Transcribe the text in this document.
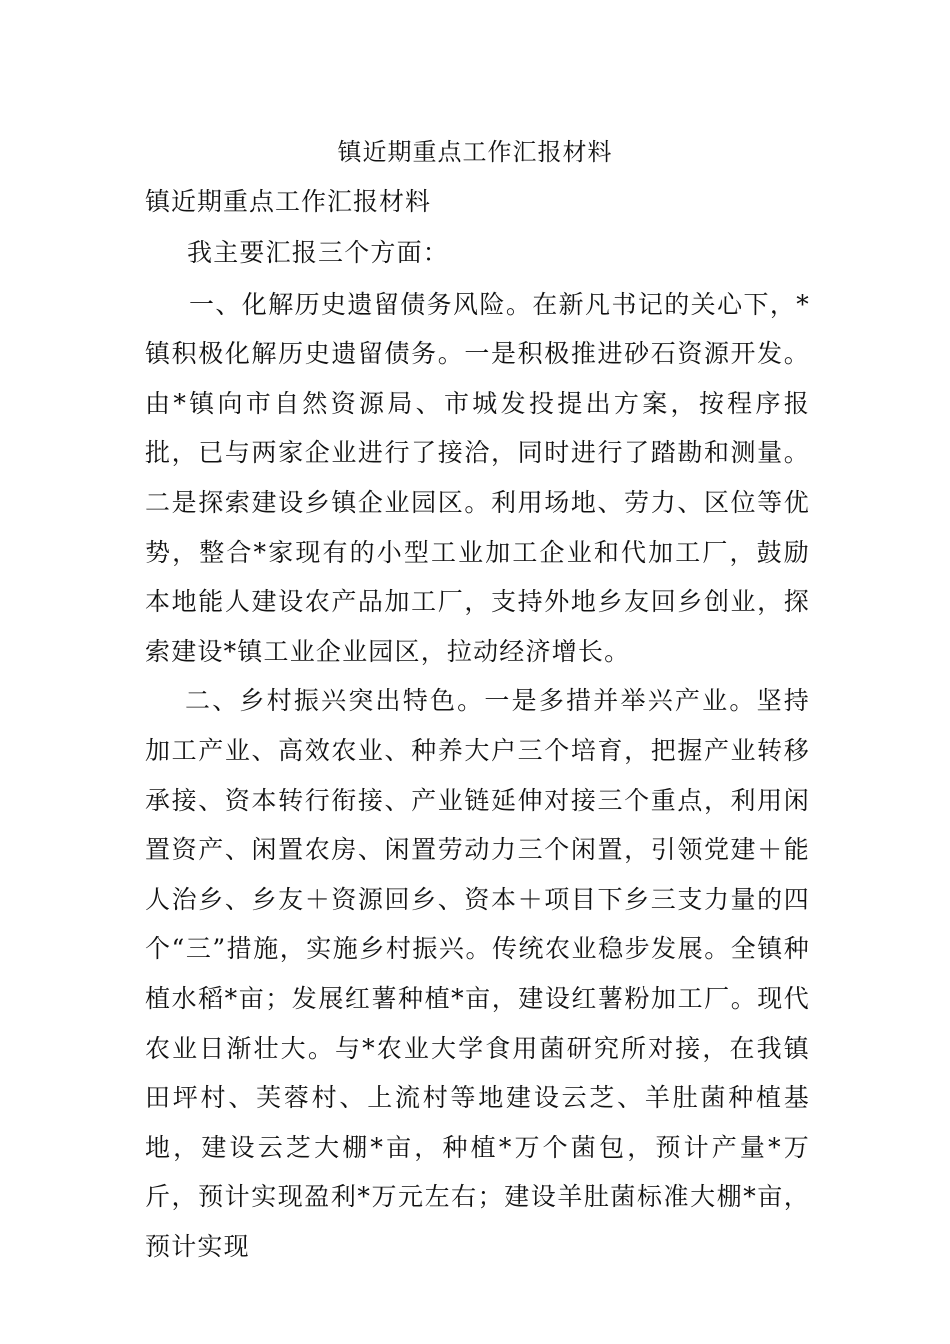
镇近期重点工作汇报材料
镇近期重点工作汇报材料

我主要汇报三个方面：

一、化解历史遗留债务风险。在新凡书记的关心下，*镇积极化解历史遗留债务。一是积极推进砂石资源开发。由*镇向市自然资源局、市城发投提出方案，按程序报批，已与两家企业进行了接洽，同时进行了踏勘和测量。二是探索建设乡镇企业园区。利用场地、劳力、区位等优势，整合*家现有的小型工业加工企业和代加工厂，鼓励本地能人建设农产品加工厂，支持外地乡友回乡创业，探索建设*镇工业企业园区，拉动经济增长。

二、乡村振兴突出特色。一是多措并举兴产业。坚持加工产业、高效农业、种养大户三个培育，把握产业转移承接、资本转行衔接、产业链延伸对接三个重点，利用闲置资产、闲置农房、闲置劳动力三个闲置，引领党建＋能人治乡、乡友＋资源回乡、资本＋项目下乡三支力量的四个“三”措施，实施乡村振兴。传统农业稳步发展。全镇种植水稻*亩；发展红薯种植*亩，建设红薯粉加工厂。现代农业日渐壮大。与*农业大学食用菌研究所对接，在我镇田坪村、芙蓉村、上流村等地建设云芝、羊肚菌种植基地，建设云芝大棚*亩，种植*万个菌包，预计产量*万斤，预计实现盈利*万元左右；建设羊肚菌标准大棚*亩，预计实现
